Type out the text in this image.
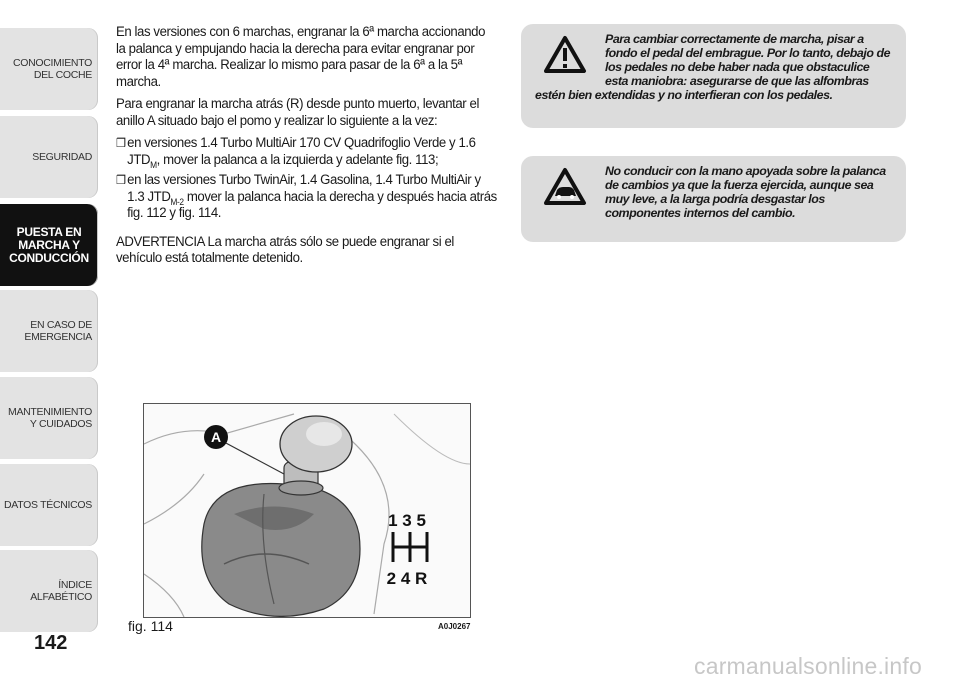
CONOCIMIENTO DEL COCHE
SEGURIDAD
PUESTA EN MARCHA Y CONDUCCIÓN
EN CASO DE EMERGENCIA
MANTENIMIENTO Y CUIDADOS
DATOS TÉCNICOS
ÍNDICE ALFABÉTICO
142

En las versiones con 6 marchas, engranar la 6ª marcha accionando la palanca y empujando hacia la derecha para evitar engranar por error la 4ª marcha. Realizar lo mismo para pasar de la 6ª a la 5ª marcha.

Para engranar la marcha atrás (R) desde punto muerto, levantar el anillo A situado bajo el pomo y realizar lo siguiente a la vez:

❒ en versiones 1.4 Turbo MultiAir 170 CV Quadrifoglio Verde y 1.6 $JTD_M$, mover la palanca a la izquierda y adelante fig. 113;
❒ en las versiones Turbo TwinAir, 1.4 Gasolina, 1.4 Turbo MultiAir y 1.3 $JTD_{M-2}$ mover la palanca hacia la derecha y después hacia atrás fig. 112 y fig. 114.

ADVERTENCIA La marcha atrás sólo se puede engranar si el vehículo está totalmente detenido.

Para cambiar correctamente de marcha, pisar a fondo el pedal del embrague. Por lo tanto, debajo de los pedales no debe haber nada que obstaculice esta maniobra: asegurarse de que las alfombras estén bien extendidas y no interfieran con los pedales.
No conducir con la mano apoyada sobre la palanca de cambios ya que la fuerza ejercida, aunque sea muy leve, a la larga podría desgastar los componentes internos del cambio.
A
1 3 5
2 4 R
fig. 114	A0J0267
carmanualsonline.info
